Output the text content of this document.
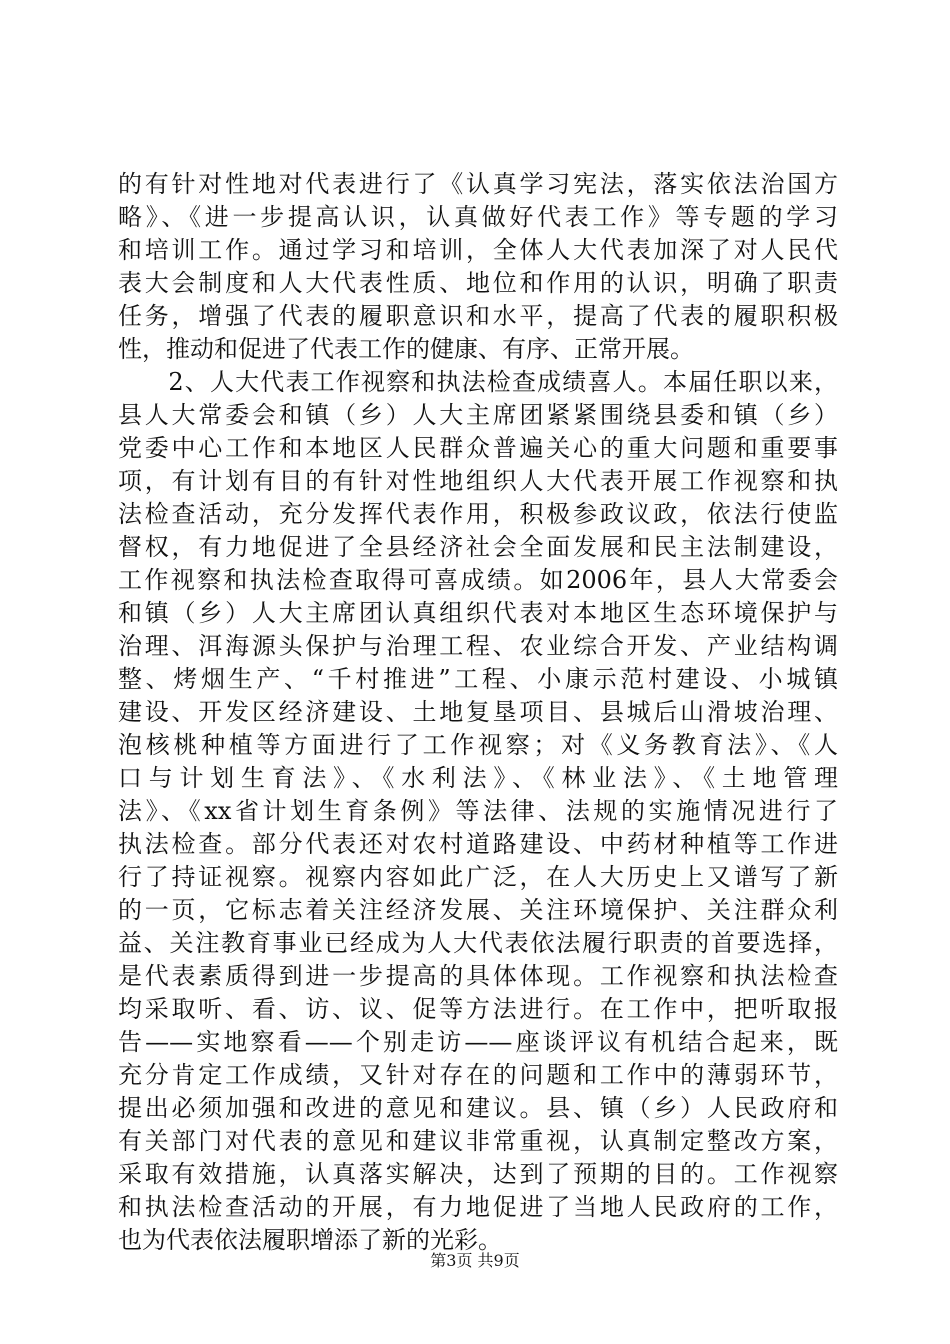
的有针对性地对代表进行了《认真学习宪法，落实依法治国方
略》、《进一步提高认识，认真做好代表工作》等专题的学习
和培训工作。通过学习和培训，全体人大代表加深了对人民代
表大会制度和人大代表性质、地位和作用的认识，明确了职责
任务，增强了代表的履职意识和水平，提高了代表的履职积极
性，推动和促进了代表工作的健康、有序、正常开展。
　　2、人大代表工作视察和执法检查成绩喜人。本届任职以来，
县人大常委会和镇（乡）人大主席团紧紧围绕县委和镇（乡）
党委中心工作和本地区人民群众普遍关心的重大问题和重要事
项，有计划有目的有针对性地组织人大代表开展工作视察和执
法检查活动，充分发挥代表作用，积极参政议政，依法行使监
督权，有力地促进了全县经济社会全面发展和民主法制建设，
工作视察和执法检查取得可喜成绩。如2006年，县人大常委会
和镇（乡）人大主席团认真组织代表对本地区生态环境保护与
治理、洱海源头保护与治理工程、农业综合开发、产业结构调
整、烤烟生产、“千村推进”工程、小康示范村建设、小城镇
建设、开发区经济建设、土地复垦项目、县城后山滑坡治理、
泡核桃种植等方面进行了工作视察；对《义务教育法》、《人
口与计划生育法》、《水利法》、《林业法》、《土地管理
法》、《xx省计划生育条例》等法律、法规的实施情况进行了
执法检查。部分代表还对农村道路建设、中药材种植等工作进
行了持证视察。视察内容如此广泛，在人大历史上又谱写了新
的一页，它标志着关注经济发展、关注环境保护、关注群众利
益、关注教育事业已经成为人大代表依法履行职责的首要选择，
是代表素质得到进一步提高的具体体现。工作视察和执法检查
均采取听、看、访、议、促等方法进行。在工作中，把听取报
告——实地察看——个别走访——座谈评议有机结合起来，既
充分肯定工作成绩，又针对存在的问题和工作中的薄弱环节，
提出必须加强和改进的意见和建议。县、镇（乡）人民政府和
有关部门对代表的意见和建议非常重视，认真制定整改方案，
采取有效措施，认真落实解决，达到了预期的目的。工作视察
和执法检查活动的开展，有力地促进了当地人民政府的工作，
也为代表依法履职增添了新的光彩。
第3页 共9页
